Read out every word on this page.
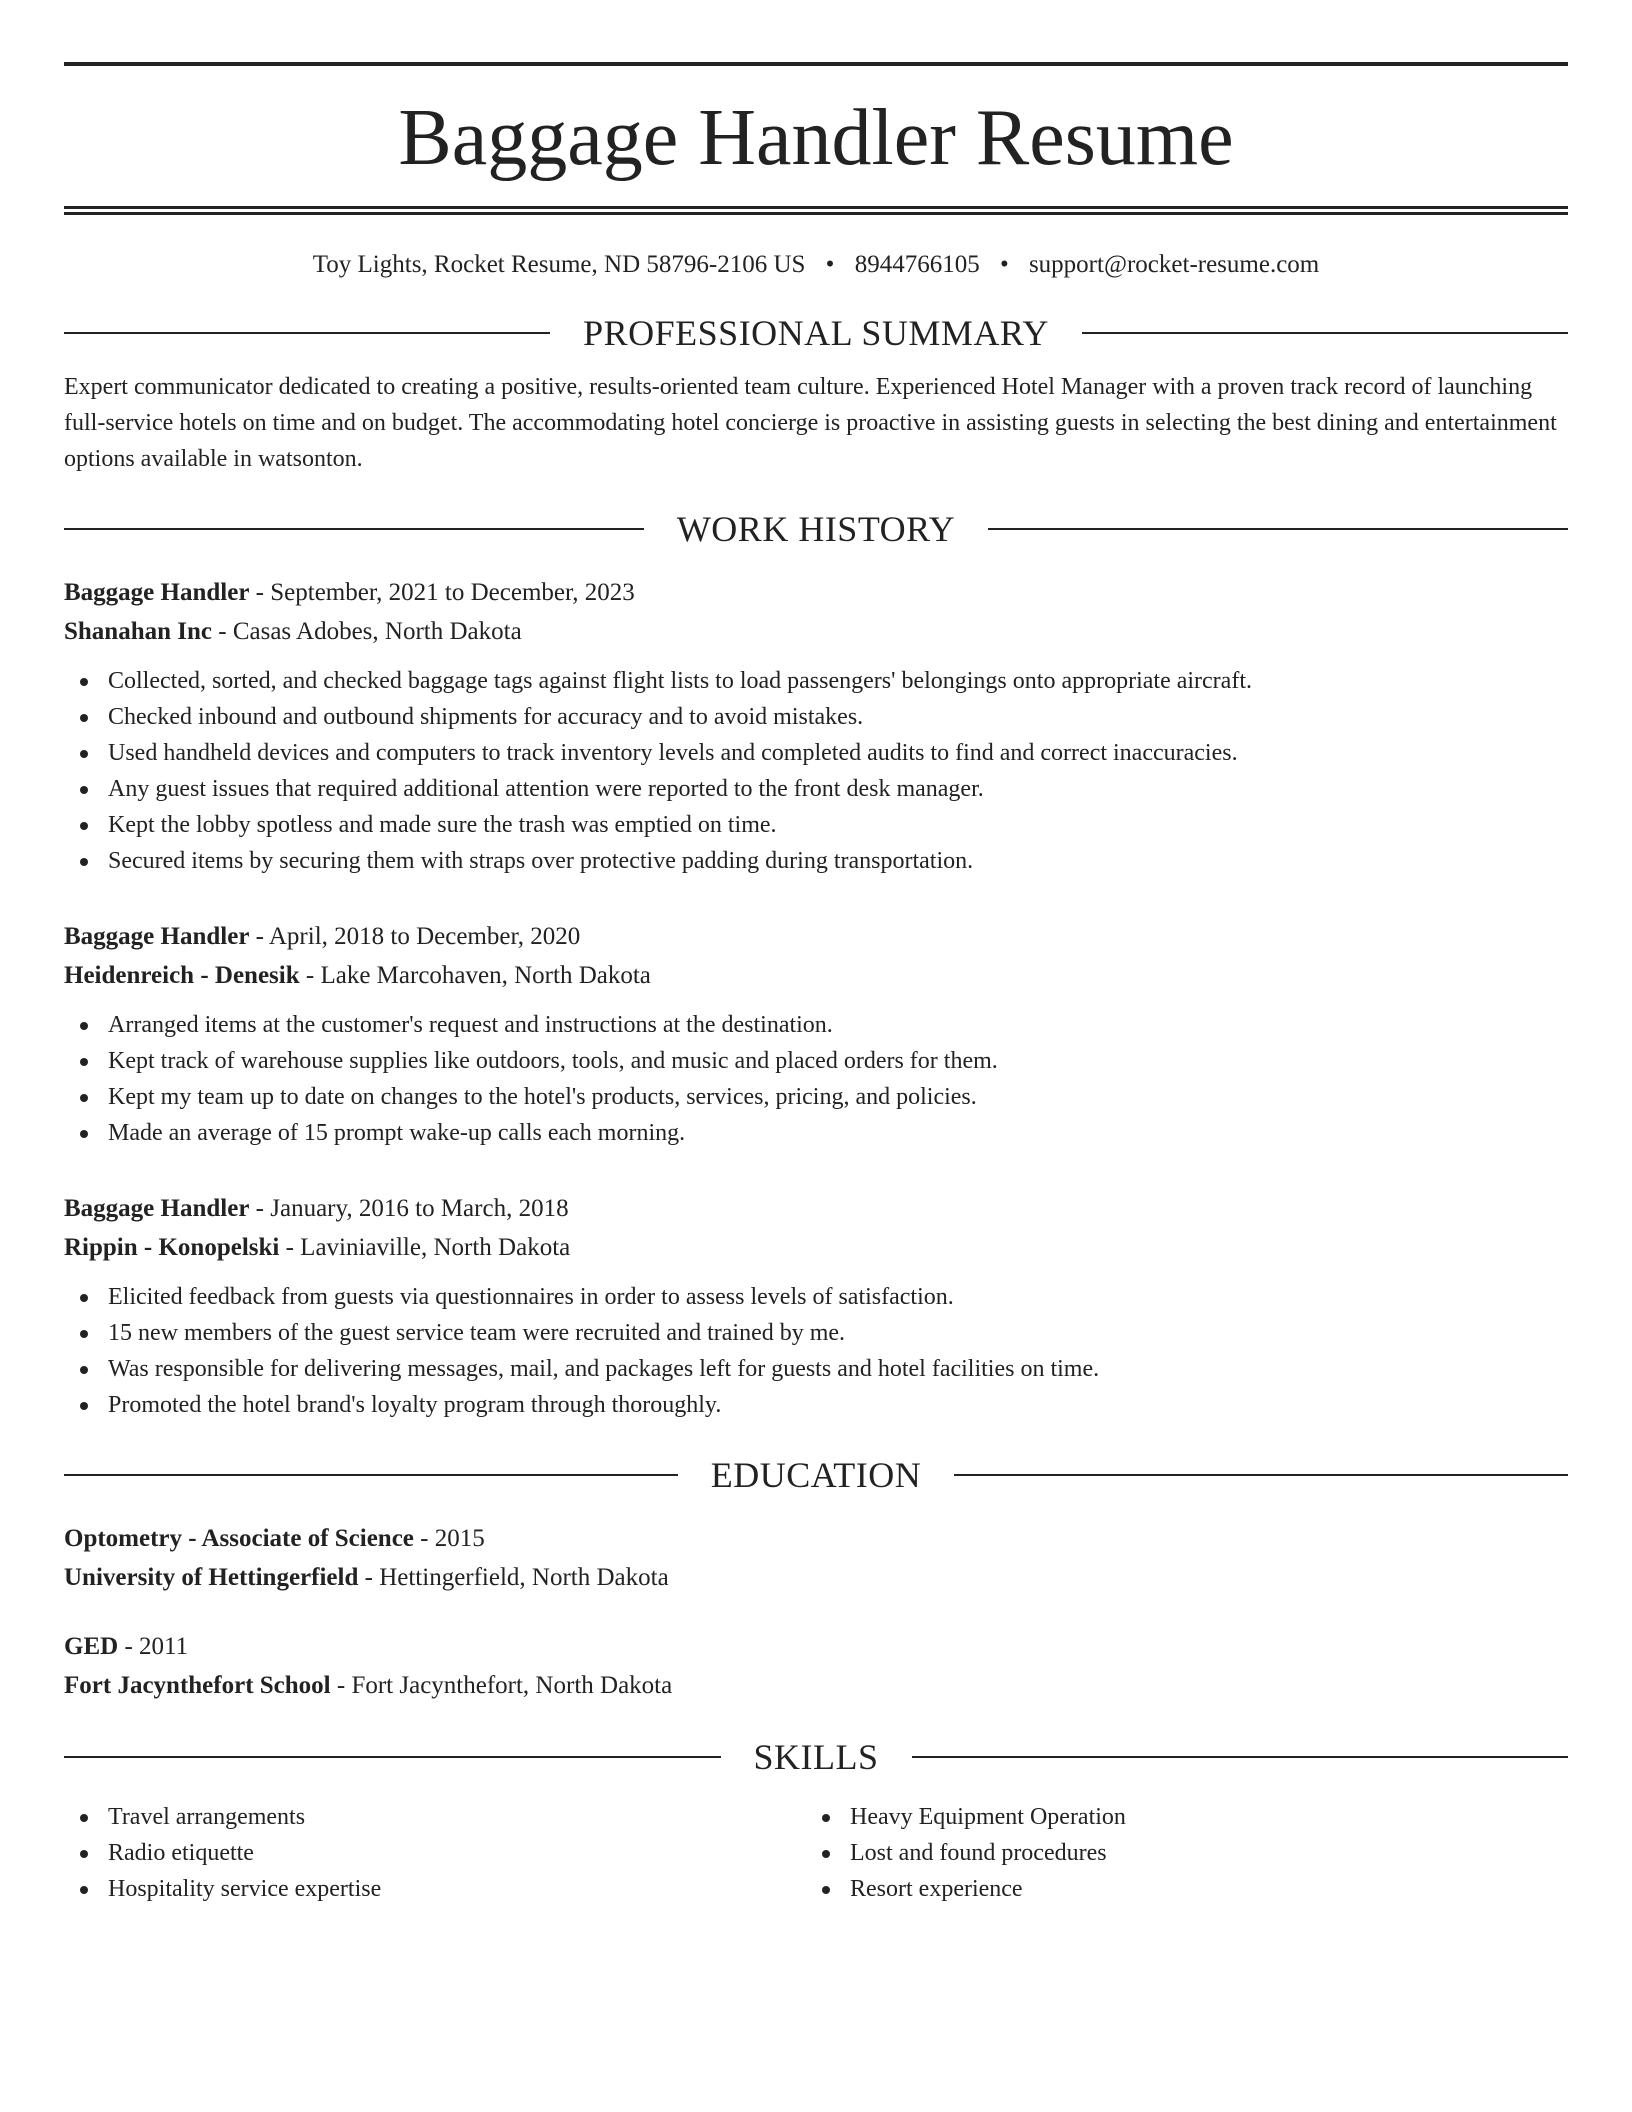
Baggage Handler Resume
Toy Lights, Rocket Resume, ND 58796-2106 US • 8944766105 • support@rocket-resume.com
PROFESSIONAL SUMMARY

Expert communicator dedicated to creating a positive, results-oriented team culture. Experienced Hotel Manager with a proven track record of launching full-service hotels on time and on budget. The accommodating hotel concierge is proactive in assisting guests in selecting the best dining and entertainment options available in watsonton.

WORK HISTORY
Baggage Handler - September, 2021 to December, 2023
Shanahan Inc - Casas Adobes, North Dakota
Collected, sorted, and checked baggage tags against flight lists to load passengers' belongings onto appropriate aircraft.
Checked inbound and outbound shipments for accuracy and to avoid mistakes.
Used handheld devices and computers to track inventory levels and completed audits to find and correct inaccuracies.
Any guest issues that required additional attention were reported to the front desk manager.
Kept the lobby spotless and made sure the trash was emptied on time.
Secured items by securing them with straps over protective padding during transportation.
Baggage Handler - April, 2018 to December, 2020
Heidenreich - Denesik - Lake Marcohaven, North Dakota
Arranged items at the customer's request and instructions at the destination.
Kept track of warehouse supplies like outdoors, tools, and music and placed orders for them.
Kept my team up to date on changes to the hotel's products, services, pricing, and policies.
Made an average of 15 prompt wake-up calls each morning.
Baggage Handler - January, 2016 to March, 2018
Rippin - Konopelski - Laviniaville, North Dakota
Elicited feedback from guests via questionnaires in order to assess levels of satisfaction.
15 new members of the guest service team were recruited and trained by me.
Was responsible for delivering messages, mail, and packages left for guests and hotel facilities on time.
Promoted the hotel brand's loyalty program through thoroughly.
EDUCATION
Optometry - Associate of Science - 2015
University of Hettingerfield - Hettingerfield, North Dakota
GED - 2011
Fort Jacynthefort School - Fort Jacynthefort, North Dakota
SKILLS
Travel arrangements
Radio etiquette
Hospitality service expertise
Heavy Equipment Operation
Lost and found procedures
Resort experience
